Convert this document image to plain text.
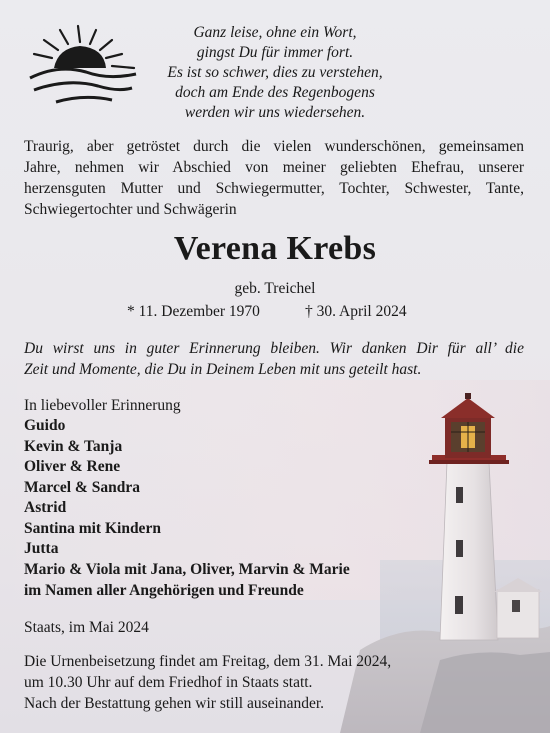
Ganz leise, ohne ein Wort,
gingst Du für immer fort.
Es ist so schwer, dies zu verstehen,
doch am Ende des Regenbogens
werden wir uns wiedersehen.
Traurig, aber getröstet durch die vielen wunderschönen, gemeinsamen
Jahre, nehmen wir Abschied von meiner geliebten Ehefrau, unserer
herzensguten Mutter und Schwiegermutter, Tochter, Schwester, Tante,
Schwiegertochter und Schwägerin
Verena Krebs
geb. Treichel
* 11. Dezember 1970	† 30. April 2024
Du wirst uns in guter Erinnerung bleiben. Wir danken Dir für all’ die
Zeit und Momente, die Du in Deinem Leben mit uns geteilt hast.
In liebevoller Erinnerung
Guido
Kevin & Tanja
Oliver & Rene
Marcel & Sandra
Astrid
Santina mit Kindern
Jutta
Mario & Viola mit Jana, Oliver, Marvin & Marie
im Namen aller Angehörigen und Freunde
Staats, im Mai 2024
Die Urnenbeisetzung findet am Freitag, dem 31. Mai 2024,
um 10.30 Uhr auf dem Friedhof in Staats statt.
Nach der Bestattung gehen wir still auseinander.
